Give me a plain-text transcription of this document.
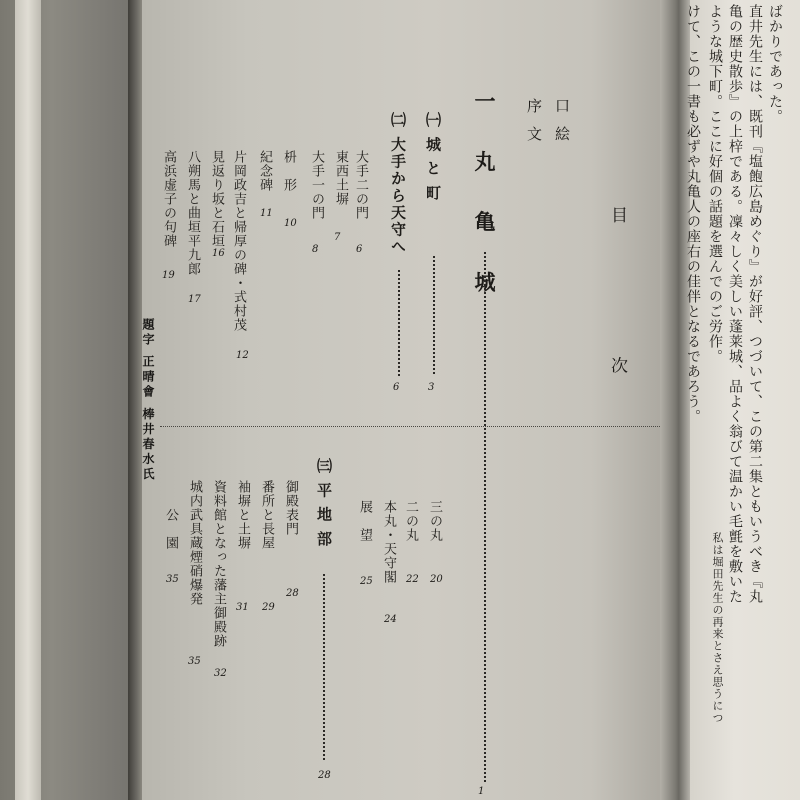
題字 正晴會 棒井春水氏	目 次
口 絵
序 文
一 丸 亀 城
1
㈠ 城 と 町
3
㈡ 大手から天守へ
6
大手二の門
6
東西土塀
7
大手一の門
8
枡　形
10
紀念碑
11
片岡政吉と帰厚の碑・式村茂
12
見返り坂と石垣
16
八朔馬と曲垣平九郎
17
高浜虚子の句碑
19
㈢ 平 地 部
28
三の丸
20
二の丸
22
本丸・天守閣
24
展　望
25
御殿表門
28
番所と長屋
29
袖塀と土塀
31
資料館となった藩主御殿跡
32
城内武具蔵煙硝爆発
35
公　園
35
ばかりであった。
直井先生には、既刊『塩飽広島めぐり』が好評、つづいて、この第二集ともいうべき『丸
亀の歴史散歩』の上梓である。凜々しく美しい蓬莱城、品よく翁びて温かい毛氈を敷いた
ような城下町。ここに好個の話題を選んでのご労作。
私は堀田先生の再来とさえ思うにつ
けて、この一書も必ずや丸亀人の座右の佳伴となるであろう。
